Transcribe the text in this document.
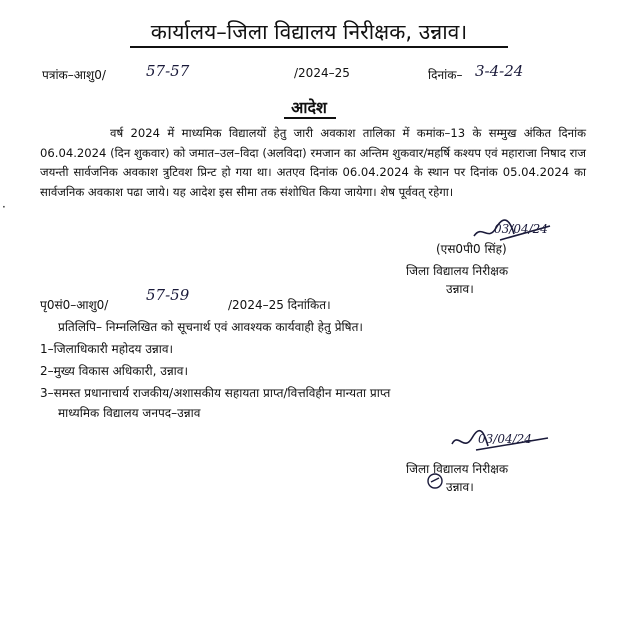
कार्यालय–जिला विद्यालय निरीक्षक, उन्नाव।
पत्रांक–आशु0/	57-57	/2024–25	दिनांक– 3-4-24
आदेश
वर्ष 2024 में माध्यमिक विद्यालयों हेतु जारी अवकाश तालिका में कमांक–13 के सम्मुख अंकित दिनांक 06.04.2024 (दिन शुकवार) को जमात–उल–विदा (अलविदा) रमजान का अन्तिम शुकवार/महर्षि कश्यप एवं महाराजा निषाद राज जयन्ती सार्वजनिक अवकाश त्रुटिवश प्रिन्ट हो गया था। अतएव दिनांक 06.04.2024 के स्थान पर दिनांक 05.04.2024 का सार्वजनिक अवकाश पढा जाये। यह आदेश इस सीमा तक संशोधित किया जायेगा। शेष पूर्ववत् रहेगा।
·
03/04/24
(एस0पी0 सिंह)
जिला विद्यालय निरीक्षक
उन्नाव।
पृ0सं0–आशु0/
57-59
/2024–25 दिनांकित।
प्रतिलिपि– निम्नलिखित को सूचनार्थ एवं आवश्यक कार्यवाही हेतु प्रेषित।
1–जिलाधिकारी महोदय उन्नाव।
2–मुख्य विकास अधिकारी, उन्नाव।
3–समस्त प्रधानाचार्य राजकीय/अशासकीय सहायता प्राप्त/वित्तविहीन मान्यता प्राप्त
माध्यमिक विद्यालय जनपद–उन्नाव
03/04/24
जिला विद्यालय निरीक्षक
उन्नाव।
